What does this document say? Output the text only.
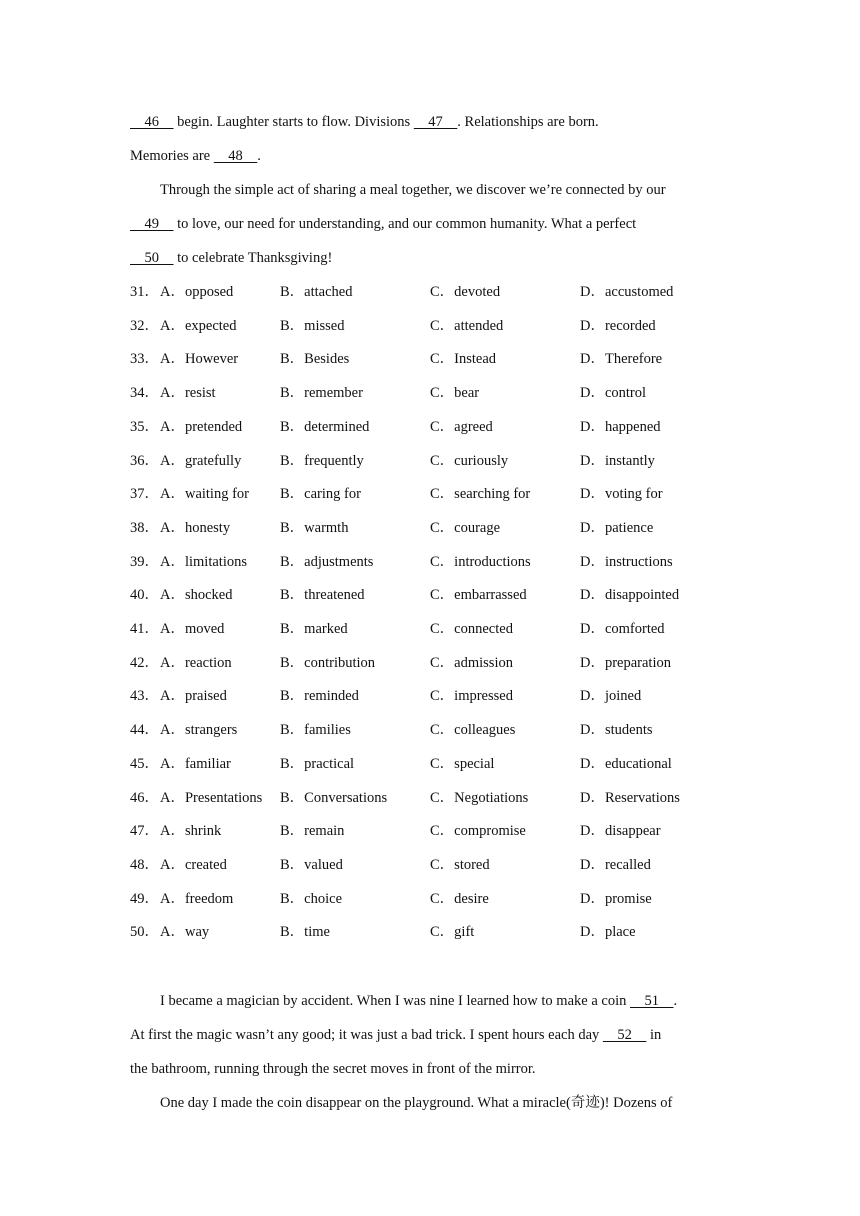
46     begin. Laughter starts to flow. Divisions     47    . Relationships are born.
Memories are     48    .
Through the simple act of sharing a meal together, we discover we’re connected by our
49     to love, our need for understanding, and our common humanity. What a perfect
50     to celebrate Thanksgiving!
31． A．opposed	B．attached	C．devoted	D．accustomed
32． A．expected	B．missed	C．attended	D．recorded
33． A．However	B．Besides	C．Instead	D．Therefore
34． A．resist	B．remember	C．bear	D．control
35． A．pretended	B．determined	C．agreed	D．happened
36． A．gratefully	B．frequently	C．curiously	D．instantly
37． A．waiting for B．caring for	C．searching for	D．voting for
38． A．honesty	B．warmth	C．courage	D．patience
39． A．limitations B．adjustments	C．introductions	D．instructions
40． A．shocked	B．threatened	C．embarrassed	D．disappointed
41． A．moved	B．marked	C．connected	D．comforted
42． A．reaction	B．contribution	C．admission	D．preparation
43． A．praised	B．reminded	C．impressed	D．joined
44． A．strangers	B．families	C．colleagues	D．students
45． A．familiar	B．practical	C．special	D．educational
46． A．Presentations B．Conversations	C．Negotiations	D．Reservations
47． A．shrink	B．remain	C．compromise	D．disappear
48． A．created	B．valued	C．stored	D．recalled
49． A．freedom	B．choice	C．desire	D．promise
50． A．way	B．time	C．gift	D．place
I became a magician by accident. When I was nine I learned how to make a coin     51    .
At first the magic wasn’t any good; it was just a bad trick. I spent hours each day     52     in
the bathroom, running through the secret moves in front of the mirror.
One day I made the coin disappear on the playground. What a miracle(奇迹)! Dozens of
